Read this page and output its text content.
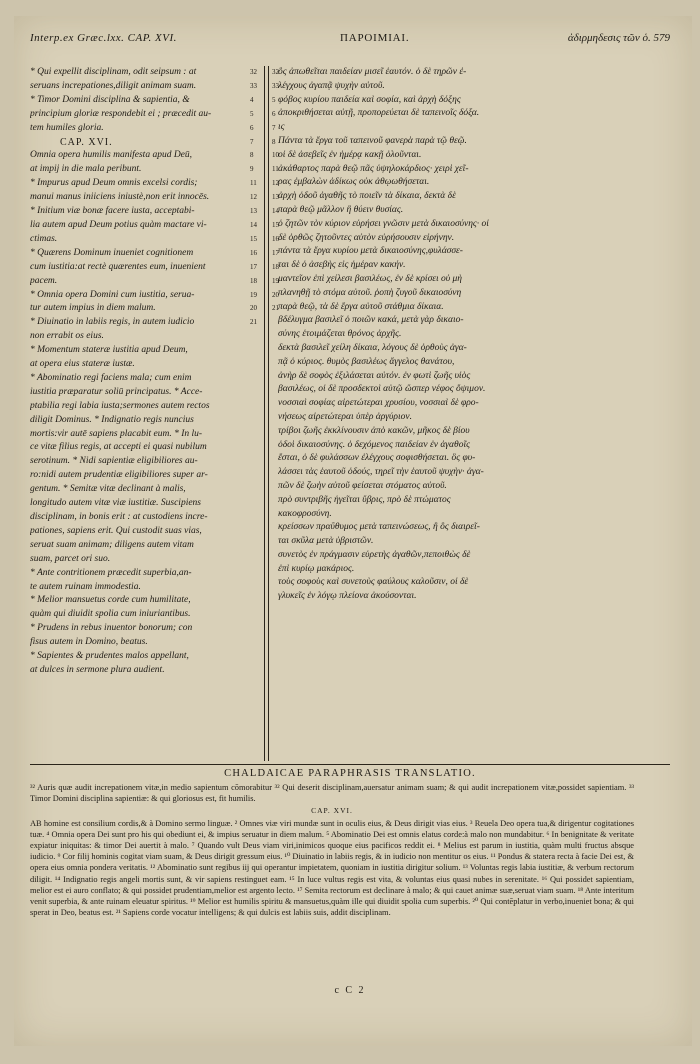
Interp.ex Græc.lxx. CAP. XVI.	ΠΑΡΟΙΜΙΑΙ.	ἀδιρμηδεσις τῶν ὁ. 579
* Qui expellit disciplinam, odit seipsum : at
seruans increpationes,diligit animam suam.
* Timor Domini disciplina & sapientia, &
principium gloriæ respondebit ei ; præcedit au-
tem humiles gloria.
CAP. XVI.
Omnia opera humilis manifesta apud Deū,
at impij in die mala peribunt.
* Impurus apud Deum omnis excelsi cordis;
manui manus iniiciens iniustè,non erit innocēs.
* Initium viæ bonæ facere iusta, acceptabi-
lia autem apud Deum potius quàm mactare vi-
ctimas.
* Quærens Dominum inueniet cognitionem
cum iustitia:at rectè quærentes eum, inuenient
pacem.
* Omnia opera Domini cum iustitia, serua-
tur autem impius in diem malum.
* Diuinatio in labiis regis, in autem iudicio
non errabit os eius.
* Momentum stateræ iustitia apud Deum,
at opera eius stateræ iustæ.
* Abominatio regi faciens mala; cum enim
iustitia præparatur soliū principatus. * Acce-
ptabilia regi labia iusta;sermones autem rectos
diligit Dominus. * Indignatio regis nuncius
mortis:vir autē sapiens placabit eum. * In lu-
ce vitæ filius regis, at accepti ei quasi nubilum
serotinum. * Nidi sapientiæ eligibiliores au-
ro:nidi autem prudentiæ eligibiliores super ar-
gentum. * Semitæ vitæ declinant à malis,
longitudo autem vitæ viæ iustitiæ. Suscipiens
disciplinam, in bonis erit : at custodiens incre-
pationes, sapiens erit. Qui custodit suas vias,
seruat suam animam; diligens autem vitam
suam, parcet ori suo.
* Ante contritionem præcedit superbia,an-
te autem ruinam immodestia.
* Melior mansuetus corde cum humilitate,
quàm qui diuidit spolia cum iniuriantibus.
* Prudens in rebus inuentor bonorum; con
fisus autem in Domino, beatus.
* Sapientes & prudentes malos appellant,
at dulces in sermone plura audient.
32
33
4
5
6
7
8
9
11
12
13
14
15
16
17
18
19
20
21
32
33
5
6
7
8
10
11
12
13
14
15
16
17
18
19
20
21
ὃς ἀπωθεῖται παιδείαν μισεῖ ἑαυτόν. ὁ δὲ τηρῶν ἐ-
λέγχους ἀγαπᾷ ψυχὴν αὐτοῦ.
φόβος κυρίου παιδεία καὶ σοφία, καὶ ἀρχὴ δόξης
ἀποκριθήσεται αὐτῇ, προπορεύεται δὲ ταπεινοῖς δόξα.
ις
Πάντα τὰ ἔργα τοῦ ταπεινοῦ φανερὰ παρὰ τῷ θεῷ.
οἱ δὲ ἀσεβεῖς ἐν ἡμέρᾳ κακῇ ὀλοῦνται.
ἀκάθαρτος παρὰ θεῷ πᾶς ὑψηλοκάρδιος· χειρὶ χεῖ-
ρας ἐμβαλὼν ἀδίκως οὐκ ἀθῳωθήσεται.
ἀρχὴ ὁδοῦ ἀγαθῆς τὸ ποιεῖν τὰ δίκαια, δεκτὰ δὲ
παρὰ θεῷ μᾶλλον ἢ θύειν θυσίας.
ὁ ζητῶν τὸν κύριον εὑρήσει γνῶσιν μετὰ δικαιοσύνης· οἱ
δὲ ὀρθῶς ζητοῦντες αὐτὸν εὑρήσουσιν εἰρήνην.
πάντα τὰ ἔργα κυρίου μετὰ δικαιοσύνης,φυλάσσε-
ται δὲ ὁ ἀσεβὴς εἰς ἡμέραν κακήν.
μαντεῖον ἐπὶ χείλεσι βασιλέως, ἐν δὲ κρίσει οὐ μὴ
πλανηθῇ τὸ στόμα αὐτοῦ. ῥοπὴ ζυγοῦ δικαιοσύνη
παρὰ θεῷ, τὰ δὲ ἔργα αὐτοῦ στάθμια δίκαια.
βδέλυγμα βασιλεῖ ὁ ποιῶν κακά, μετὰ γὰρ δικαιο-
σύνης ἑτοιμάζεται θρόνος ἀρχῆς.
δεκτὰ βασιλεῖ χείλη δίκαια, λόγους δὲ ὀρθοὺς ἀγα-
πᾷ ὁ κύριος. θυμὸς βασιλέως ἄγγελος θανάτου,
ἀνὴρ δὲ σοφὸς ἐξιλάσεται αὐτόν. ἐν φωτὶ ζωῆς υἱὸς
βασιλέως, οἱ δὲ προσδεκτοὶ αὐτῷ ὥσπερ νέφος ὄψιμον.
νοσσιαὶ σοφίας αἱρετώτεραι χρυσίου, νοσσιαὶ δὲ φρο-
νήσεως αἱρετώτεραι ὑπὲρ ἀργύριον.
τρίβοι ζωῆς ἐκκλίνουσιν ἀπὸ κακῶν, μῆκος δὲ βίου
ὁδοὶ δικαιοσύνης. ὁ δεχόμενος παιδείαν ἐν ἀγαθοῖς
ἔσται, ὁ δὲ φυλάσσων ἐλέγχους σοφισθήσεται. ὃς φυ-
λάσσει τὰς ἑαυτοῦ ὁδούς, τηρεῖ τὴν ἑαυτοῦ ψυχὴν· ἀγα-
πῶν δὲ ζωὴν αὐτοῦ φείσεται στόματος αὐτοῦ.
πρὸ συντριβῆς ἡγεῖται ὕβρις, πρὸ δὲ πτώματος
κακοφροσύνη.
κρείσσων πραΰθυμος μετὰ ταπεινώσεως, ἢ ὃς διαιρεῖ-
ται σκῦλα μετὰ ὑβριστῶν.
συνετὸς ἐν πράγμασιν εὑρετὴς ἀγαθῶν,πεποιθὼς δὲ
ἐπὶ κυρίῳ μακάριος.
τοὺς σοφοὺς καὶ συνετοὺς φαύλους καλοῦσιν, οἱ δὲ
γλυκεῖς ἐν λόγῳ πλείονα ἀκούσονται.
CHALDAICAE PARAPHRASIS TRANSLATIO.

³² Auris quæ audit increpationem vitæ,in medio sapientum cōmorabitur ³² Qui deserit disciplinam,auersatur animam suam; & qui audit increpationem vitæ,possidet sapientiam. ³³ Timor Domini disciplina sapientiæ: & qui gloriosus est, fit humilis.

CAP. XVI.

AB homine est consilium cordis,& à Domino sermo linguæ. ² Omnes viæ viri mundæ sunt in oculis eius, & Deus dirigit vias eius. ³ Reuela Deo opera tua,& dirigentur cogitationes tuæ. ⁴ Omnia opera Dei sunt pro his qui obediunt ei, & impius seruatur in diem malum. ⁵ Abominatio Dei est omnis elatus corde:à malo non mundabitur. ⁶ In benignitate & veritate expiatur iniquitas: & timor Dei auertit à malo. ⁷ Quando vult Deus viam viri,inimicos quoque eius pacificos reddit ei. ⁸ Melius est parum in iustitia, quàm multi fructus absque iudicio. ⁹ Cor filij hominis cogitat viam suam, & Deus dirigit gressum eius. ¹⁰ Diuinatio in labiis regis, & in iudicio non mentitur os eius. ¹¹ Pondus & statera recta à facie Dei est, & opera eius omnia pondera veritatis. ¹² Abominatio sunt regibus iij qui operantur impietatem, quoniam in iustitia dirigitur solium. ¹³ Voluntas regis labia iustitiæ, & verbum rectorum diligit. ¹⁴ Indignatio regis angeli mortis sunt, & vir sapiens restinguet eam. ¹⁵ In luce vultus regis est vita, & voluntas eius quasi nubes in serenitate. ¹⁶ Qui possidet sapientiam, melior est ei auro conflato; & qui possidet prudentiam,melior est argento lecto. ¹⁷ Semita rectorum est declinare à malo; & qui cauet animæ suæ,seruat viam suam. ¹⁸ Ante interitum venit superbia, & ante ruinam eleuatur spiritus. ¹⁹ Melior est humilis spiritu & mansuetus,quàm ille qui diuidit spolia cum superbis. ²⁰ Qui contēplatur in verbo,inueniet bona; & qui sperat in Deo, beatus est. ²¹ Sapiens corde vocatur intelligens; & qui dulcis est labiis suis, addit disciplinam.

c C 2
